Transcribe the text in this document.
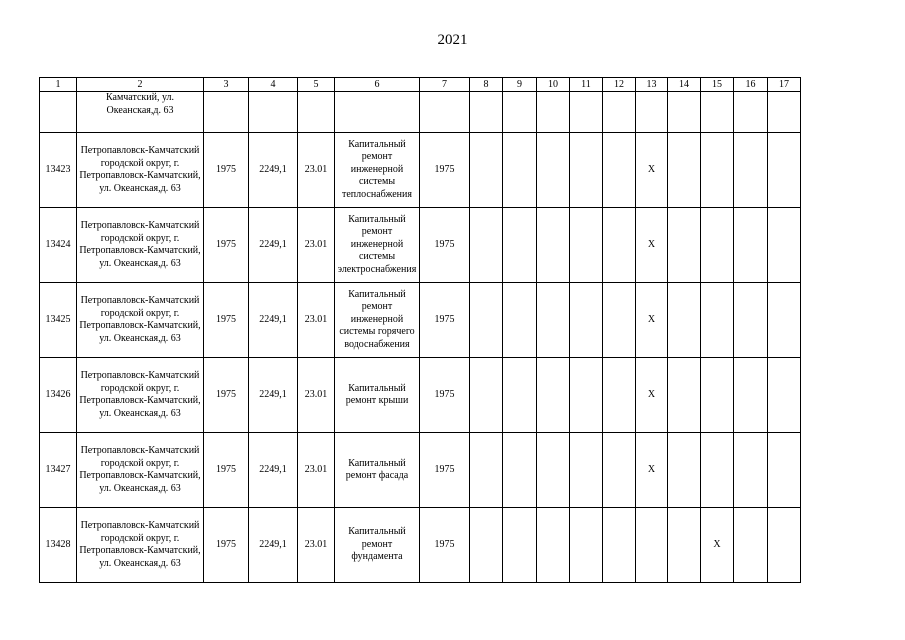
2021
1	2	3	4	5	6	7	8	9	10	11	12	13	14	15	16	17
	Камчатский, ул. Океанская,д. 63															
13423	Петропавловск-Камчатский городской округ, г. Петропавловск-Камчатский, ул. Океанская,д. 63	1975	2249,1	23.01	Капитальный ремонт инженерной системы теплоснабжения	1975						X				
13424	Петропавловск-Камчатский городской округ, г. Петропавловск-Камчатский, ул. Океанская,д. 63	1975	2249,1	23.01	Капитальный ремонт инженерной системы электроснабжения	1975						X				
13425	Петропавловск-Камчатский городской округ, г. Петропавловск-Камчатский, ул. Океанская,д. 63	1975	2249,1	23.01	Капитальный ремонт инженерной системы горячего водоснабжения	1975						X				
13426	Петропавловск-Камчатский городской округ, г. Петропавловск-Камчатский, ул. Океанская,д. 63	1975	2249,1	23.01	Капитальный ремонт крыши	1975						X				
13427	Петропавловск-Камчатский городской округ, г. Петропавловск-Камчатский, ул. Океанская,д. 63	1975	2249,1	23.01	Капитальный ремонт фасада	1975						X				
13428	Петропавловск-Камчатский городской округ, г. Петропавловск-Камчатский, ул. Океанская,д. 63	1975	2249,1	23.01	Капитальный ремонт фундамента	1975								X		
